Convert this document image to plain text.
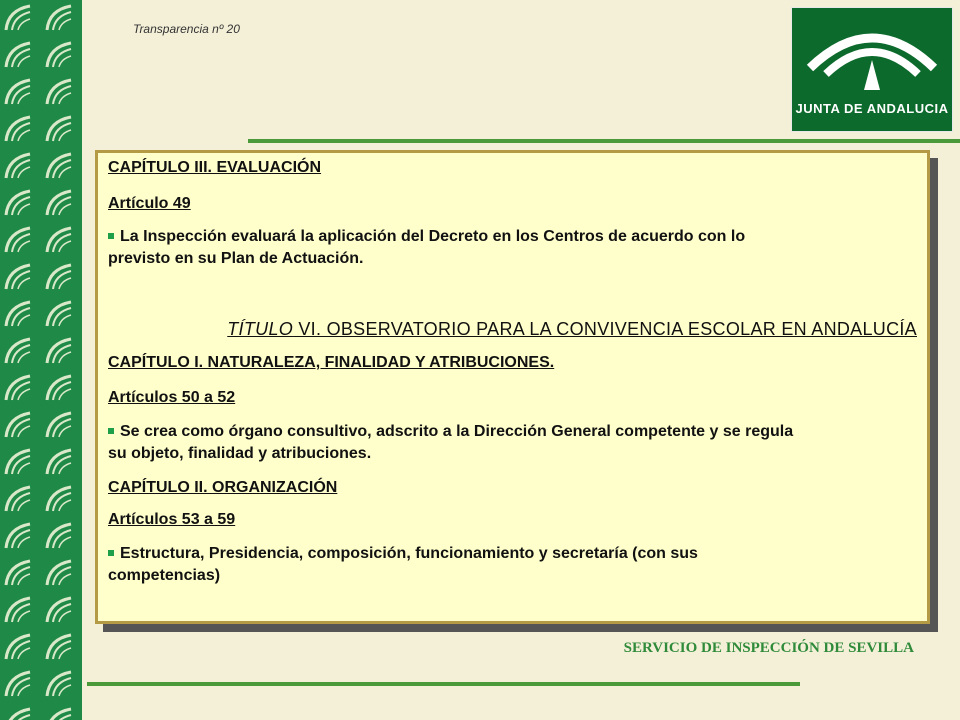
Transparencia nº 20
JUNTA DE ANDALUCIA
CAPÍTULO III. EVALUACIÓN
Artículo 49
La Inspección evaluará la aplicación del Decreto en los Centros de acuerdo con lo
previsto en su Plan de Actuación.
TÍTULO VI. OBSERVATORIO PARA LA CONVIVENCIA ESCOLAR EN ANDALUCÍA
CAPÍTULO I. NATURALEZA, FINALIDAD Y ATRIBUCIONES.
Artículos 50 a 52
Se crea como órgano consultivo, adscrito a la Dirección General competente y se regula
su objeto, finalidad y atribuciones.
CAPÍTULO II. ORGANIZACIÓN
Artículos 53 a 59
Estructura, Presidencia, composición, funcionamiento y secretaría (con sus
competencias)
SERVICIO DE INSPECCIÓN DE SEVILLA
